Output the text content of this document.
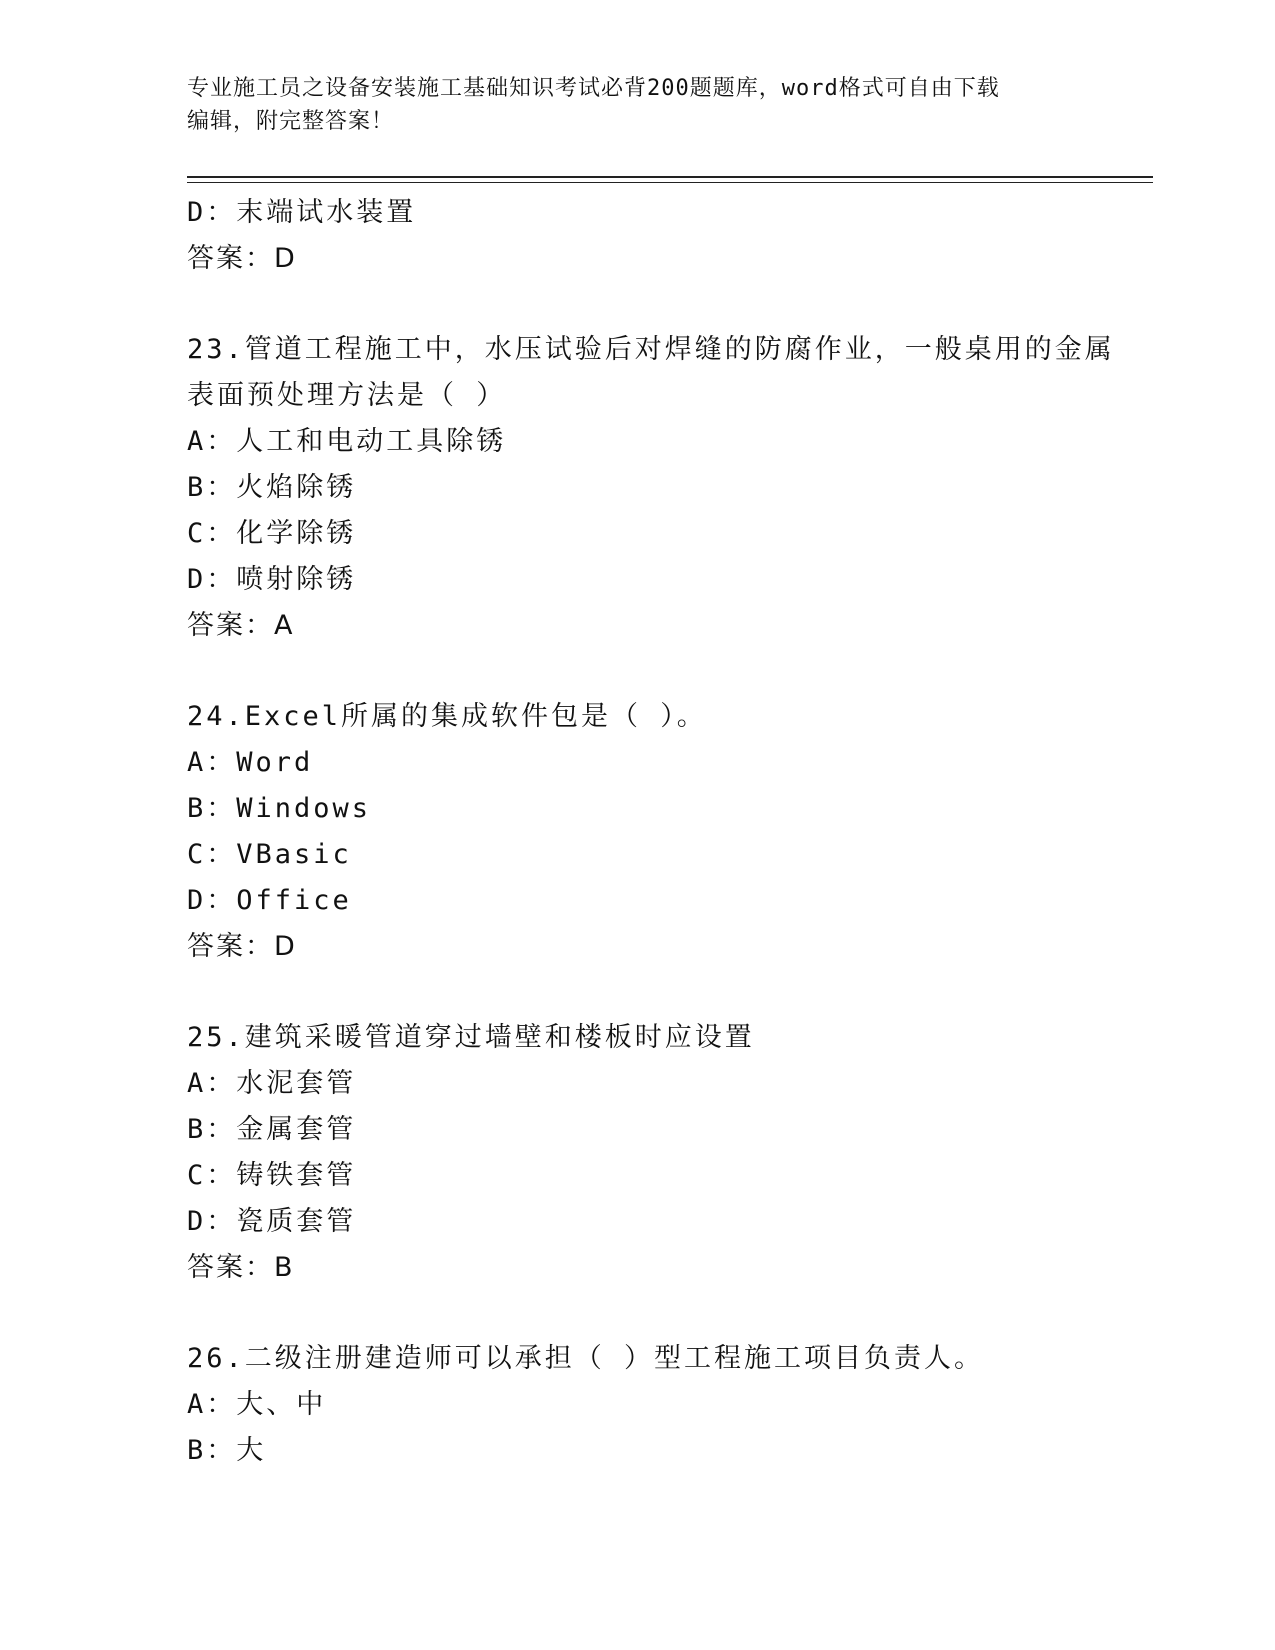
专业施工员之设备安装施工基础知识考试必背200题题库，word格式可自由下载
编辑，附完整答案！
D：末端试水装置
答案：D
23.管道工程施工中，水压试验后对焊缝的防腐作业，一般桌用的金属
表面预处理方法是（ ）
A：人工和电动工具除锈
B：火焰除锈
C：化学除锈
D：喷射除锈
答案：A
24.Excel所属的集成软件包是（ ）。
A：Word
B：Windows
C：VBasic
D：Office
答案：D
25.建筑采暖管道穿过墙壁和楼板时应设置
A：水泥套管
B：金属套管
C：铸铁套管
D：瓷质套管
答案：B
26.二级注册建造师可以承担（ ）型工程施工项目负责人。
A：大、中
B：大
